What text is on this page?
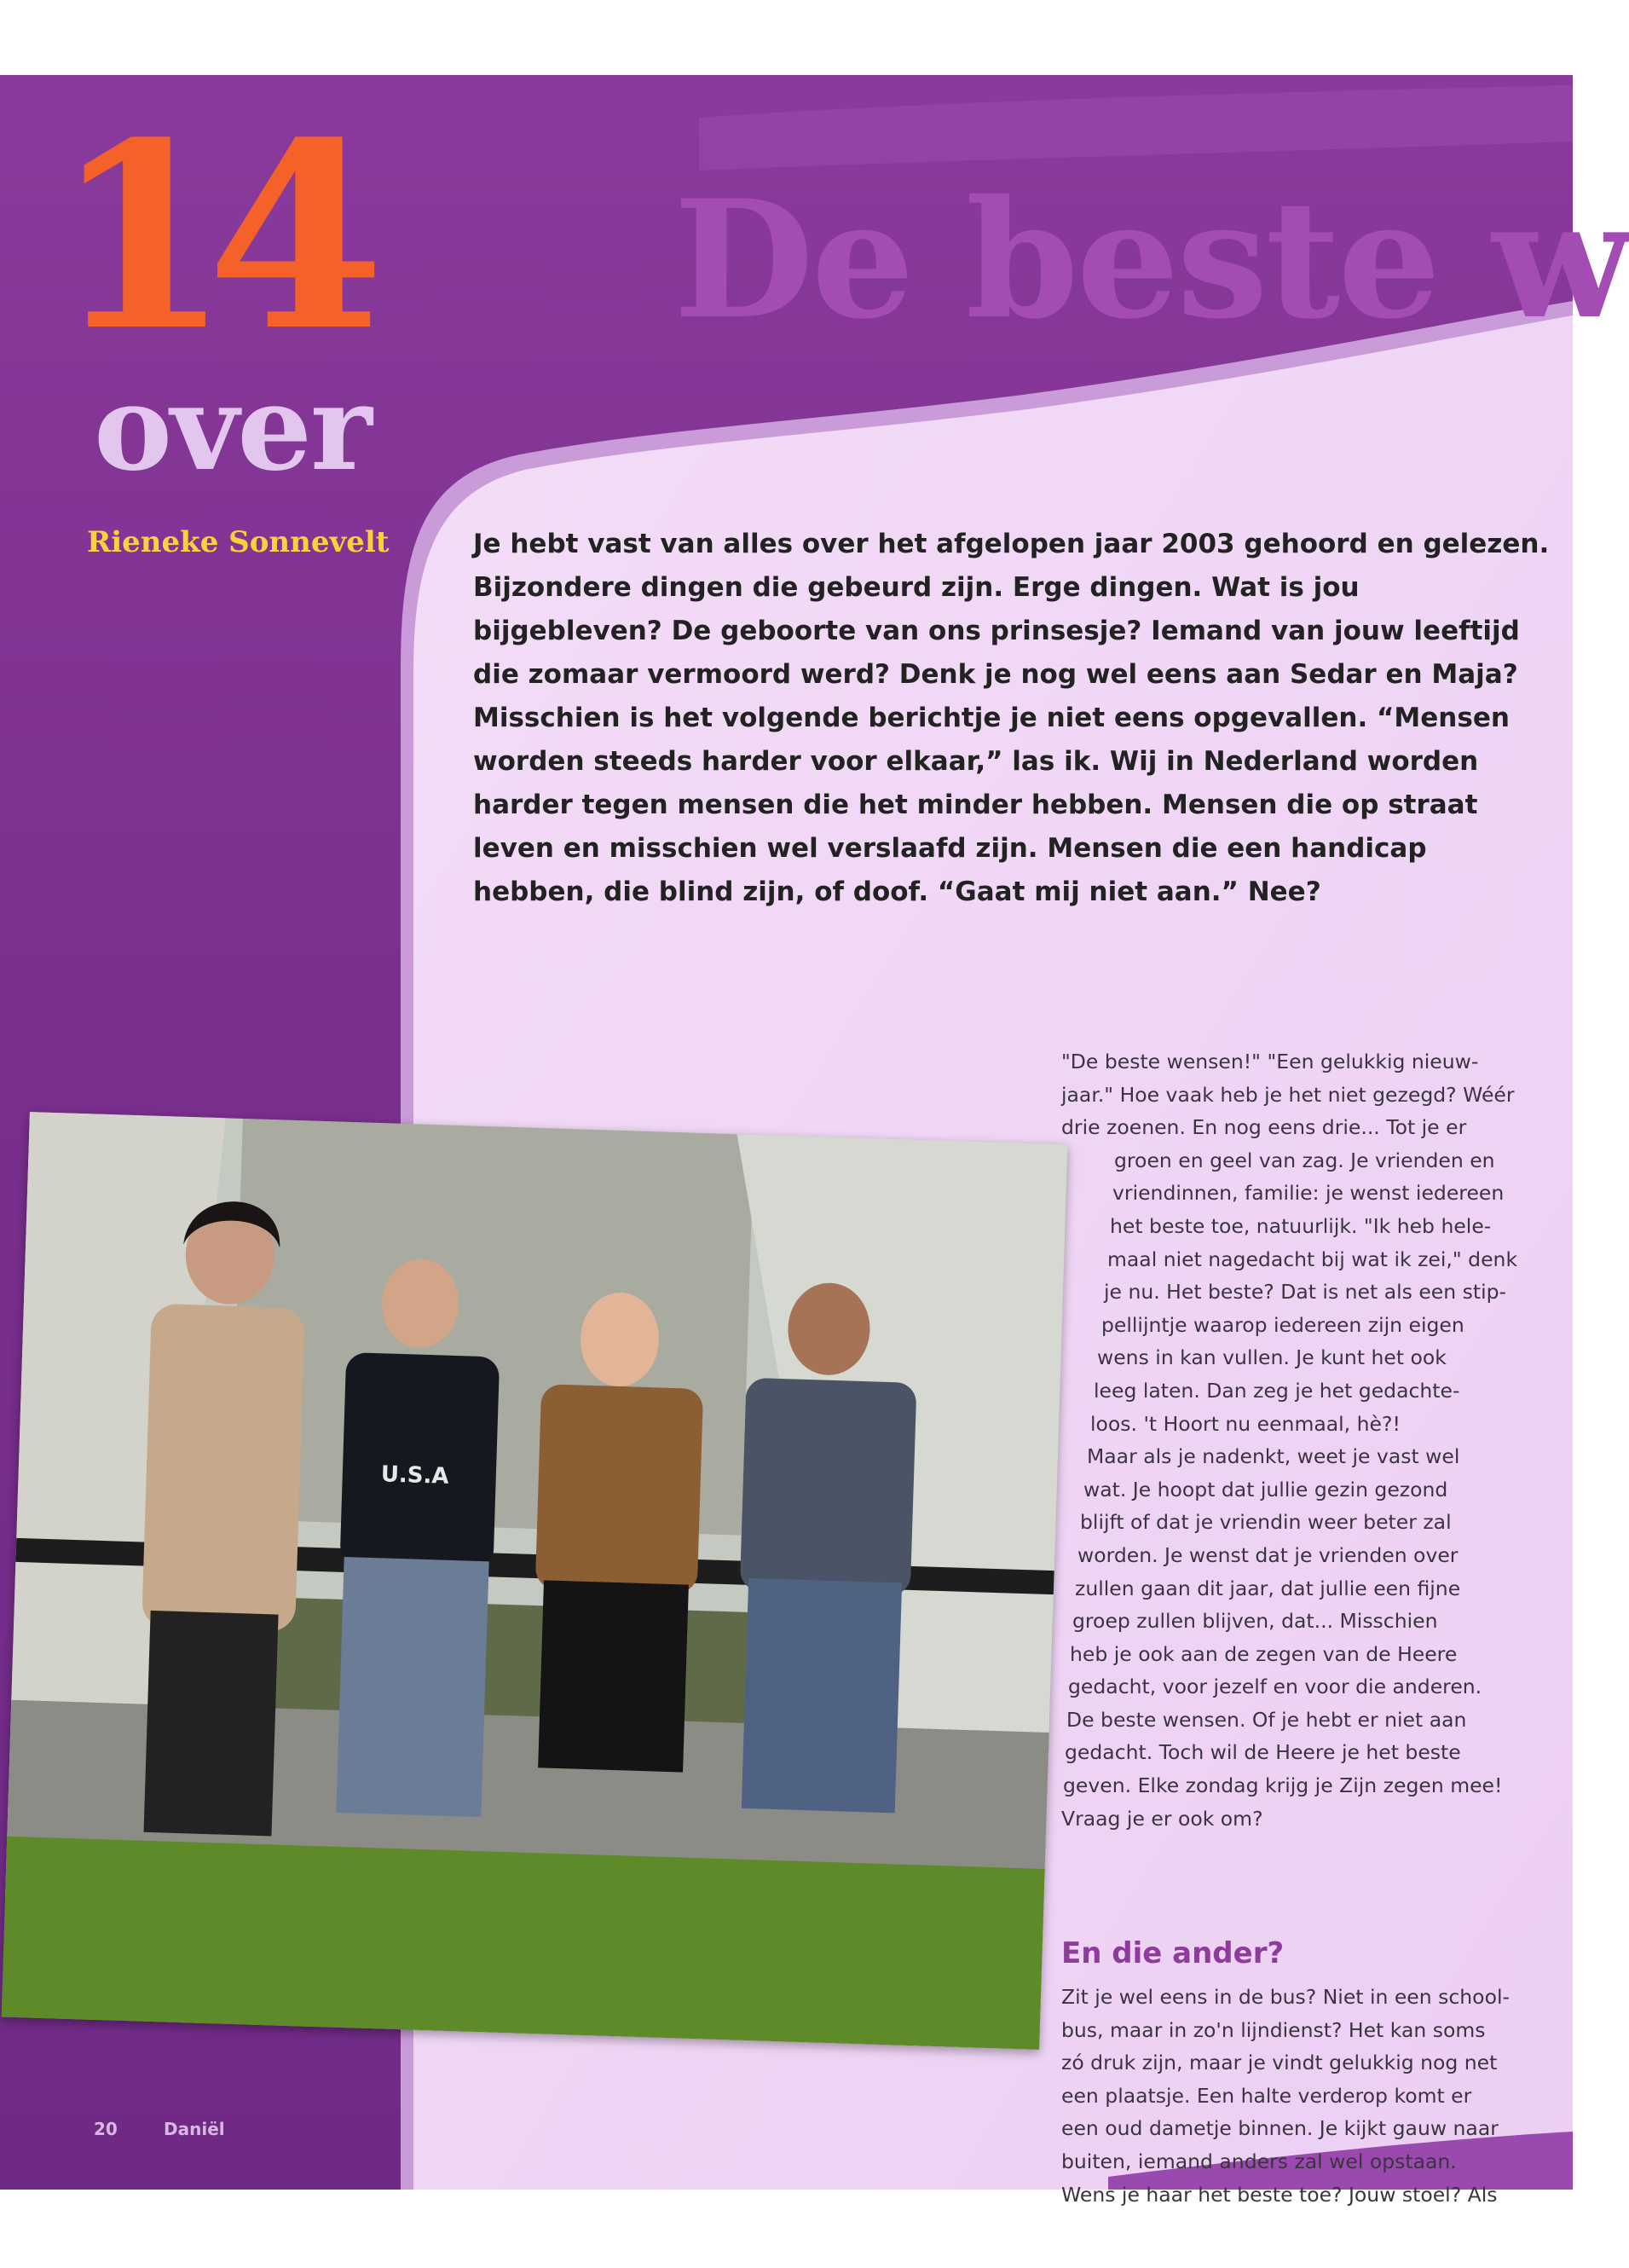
14
over
Rieneke Sonnevelt
De beste w

Je hebt vast van alles over het afgelopen jaar 2003 gehoord en gelezen. Bijzondere dingen die gebeurd zijn. Erge dingen. Wat is jou bijgebleven? De geboorte van ons prinsesje? Iemand van jouw leeftijd die zomaar vermoord werd? Denk je nog wel eens aan Sedar en Maja? Misschien is het volgende berichtje je niet eens opgevallen. “Mensen worden steeds harder voor elkaar,” las ik. Wij in Nederland worden harder tegen mensen die het minder hebben. Mensen die op straat leven en misschien wel verslaafd zijn. Mensen die een handicap hebben, die blind zijn, of doof. “Gaat mij niet aan.” Nee?

U.S.A
"De beste wensen!" "Een gelukkig nieuw-
jaar." Hoe vaak heb je het niet gezegd? Wéér
drie zoenen. En nog eens drie... Tot je er
groen en geel van zag. Je vrienden en
vriendinnen, familie: je wenst iedereen
het beste toe, natuurlijk. "Ik heb hele-
maal niet nagedacht bij wat ik zei," denk
je nu. Het beste? Dat is net als een stip-
pellijntje waarop iedereen zijn eigen
wens in kan vullen. Je kunt het ook
leeg laten. Dan zeg je het gedachte-
loos. 't Hoort nu eenmaal, hè?!
Maar als je nadenkt, weet je vast wel
wat. Je hoopt dat jullie gezin gezond
blijft of dat je vriendin weer beter zal
worden. Je wenst dat je vrienden over
zullen gaan dit jaar, dat jullie een fijne
groep zullen blijven, dat... Misschien
heb je ook aan de zegen van de Heere
gedacht, voor jezelf en voor die anderen.
De beste wensen. Of je hebt er niet aan
gedacht. Toch wil de Heere je het beste
geven. Elke zondag krijg je Zijn zegen mee!
Vraag je er ook om?
En die ander?
Zit je wel eens in de bus? Niet in een school-
bus, maar in zo'n lijndienst? Het kan soms
zó druk zijn, maar je vindt gelukkig nog net
een plaatsje. Een halte verderop komt er
een oud dametje binnen. Je kijkt gauw naar
buiten, iemand anders zal wel opstaan.
Wens je haar het beste toe? Jouw stoel? Als
20	Daniël
